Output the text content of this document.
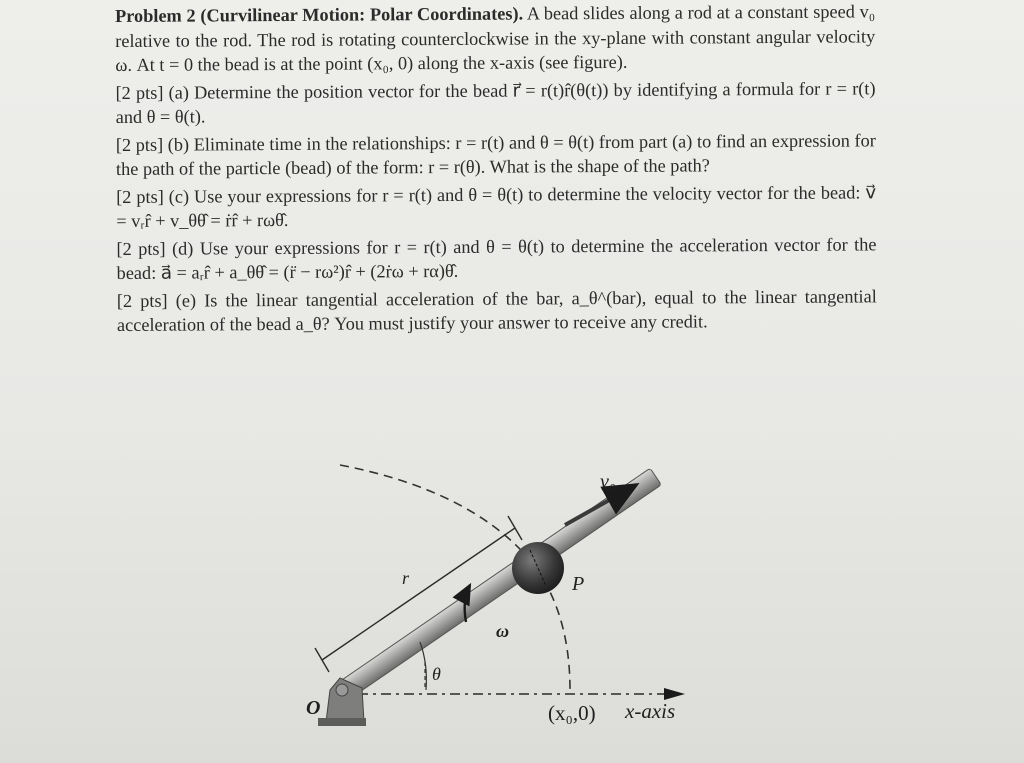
Problem 2 (Curvilinear Motion: Polar Coordinates). A bead slides along a rod at a constant speed v₀ relative to the rod. The rod is rotating counterclockwise in the xy-plane with constant angular velocity ω. At t = 0 the bead is at the point (x₀, 0) along the x-axis (see figure).

[2 pts] (a) Determine the position vector for the bead r⃗ = r(t)r̂(θ(t)) by identifying a formula for r = r(t) and θ = θ(t).

[2 pts] (b) Eliminate time in the relationships: r = r(t) and θ = θ(t) from part (a) to find an expression for the path of the particle (bead) of the form: r = r(θ). What is the shape of the path?

[2 pts] (c) Use your expressions for r = r(t) and θ = θ(t) to determine the velocity vector for the bead: v⃗ = vᵣr̂ + v_θθ̂ = ṙr̂ + rωθ̂.

[2 pts] (d) Use your expressions for r = r(t) and θ = θ(t) to determine the acceleration vector for the bead: a⃗ = aᵣr̂ + a_θθ̂ = (r̈ − rω²)r̂ + (2ṙω + rα)θ̂.

[2 pts] (e) Is the linear tangential acceleration of the bar, a_θ^(bar), equal to the linear tangential acceleration of the bead a_θ? You must justify your answer to receive any credit.

v₀
r	P
ω
θ
O	(x₀,0) x-axis
